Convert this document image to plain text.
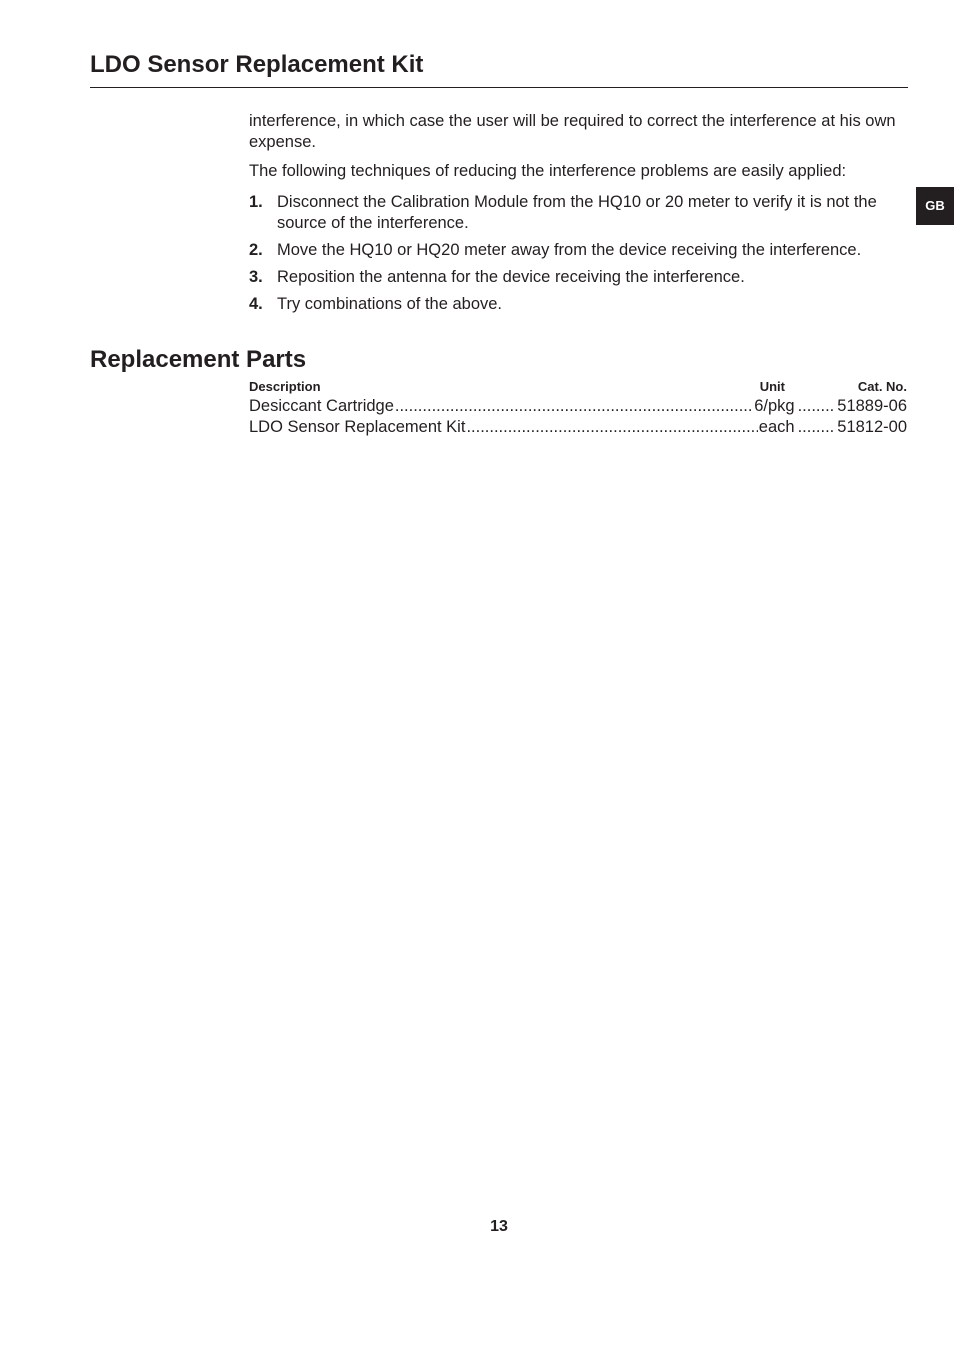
LDO Sensor Replacement Kit
GB

interference, in which case the user will be required to correct the interference at his own expense.

The following techniques of reducing the interference problems are easily applied:

1. Disconnect the Calibration Module from the HQ10 or 20 meter to verify it is not the source of the interference.
2. Move the HQ10 or HQ20 meter away from the device receiving the interference.
3. Reposition the antenna for the device receiving the interference.
4. Try combinations of the above.
Replacement Parts
Description	Unit	Cat. No.
Desiccant Cartridge .....	6/pkg ........ 51889-06
LDO Sensor Replacement Kit .....	each ........ 51812-00
13
